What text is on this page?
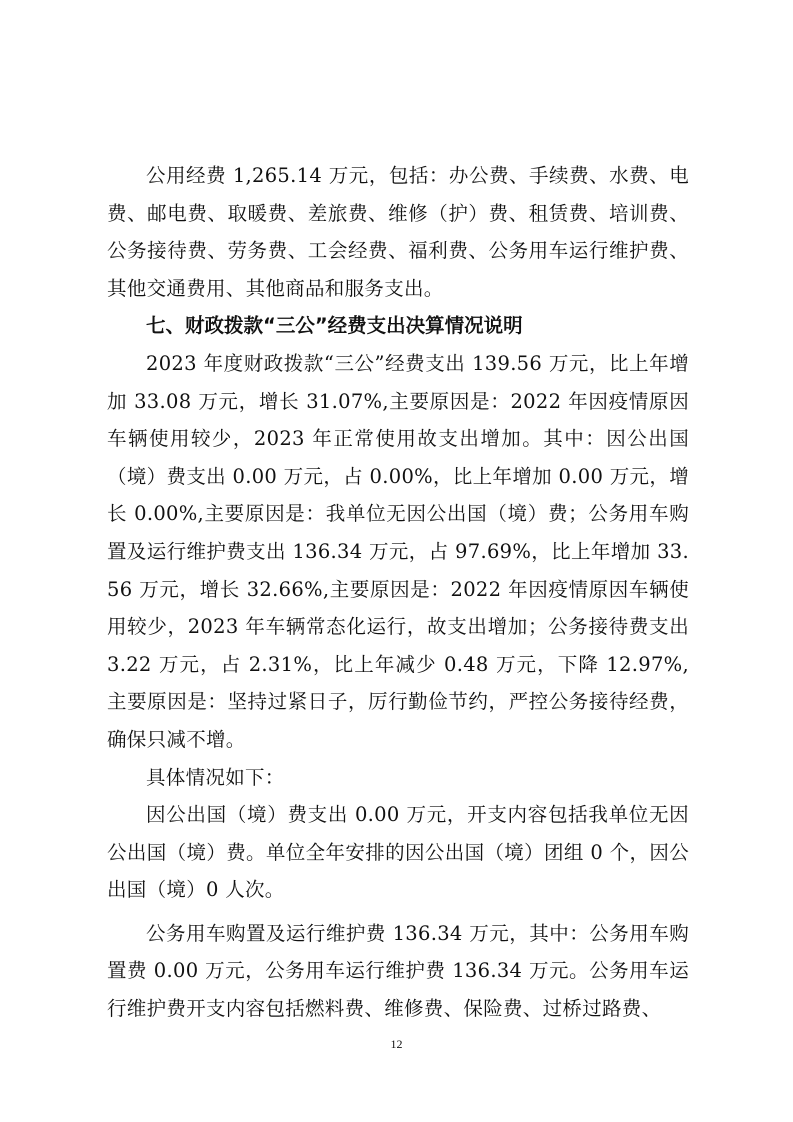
公用经费 1,265.14 万元，包括：办公费、手续费、水费、电费、邮电费、取暖费、差旅费、维修（护）费、租赁费、培训费、公务接待费、劳务费、工会经费、福利费、公务用车运行维护费、其他交通费用、其他商品和服务支出。

七、财政拨款“三公”经费支出决算情况说明

2023 年度财政拨款“三公”经费支出 139.56 万元，比上年增加 33.08 万元，增长 31.07%,主要原因是：2022 年因疫情原因车辆使用较少，2023 年正常使用故支出增加。其中：因公出国（境）费支出 0.00 万元，占 0.00%，比上年增加 0.00 万元，增长 0.00%,主要原因是：我单位无因公出国（境）费；公务用车购置及运行维护费支出 136.34 万元，占 97.69%，比上年增加 33.56 万元，增长 32.66%,主要原因是：2022 年因疫情原因车辆使用较少，2023 年车辆常态化运行，故支出增加；公务接待费支出 3.22 万元，占 2.31%，比上年减少 0.48 万元，下降 12.97%,主要原因是：坚持过紧日子，厉行勤俭节约，严控公务接待经费，确保只减不增。

具体情况如下：

因公出国（境）费支出 0.00 万元，开支内容包括我单位无因公出国（境）费。单位全年安排的因公出国（境）团组 0 个，因公出国（境）0 人次。

公务用车购置及运行维护费 136.34 万元，其中：公务用车购置费 0.00 万元，公务用车运行维护费 136.34 万元。公务用车运行维护费开支内容包括燃料费、维修费、保险费、过桥过路费、

12
